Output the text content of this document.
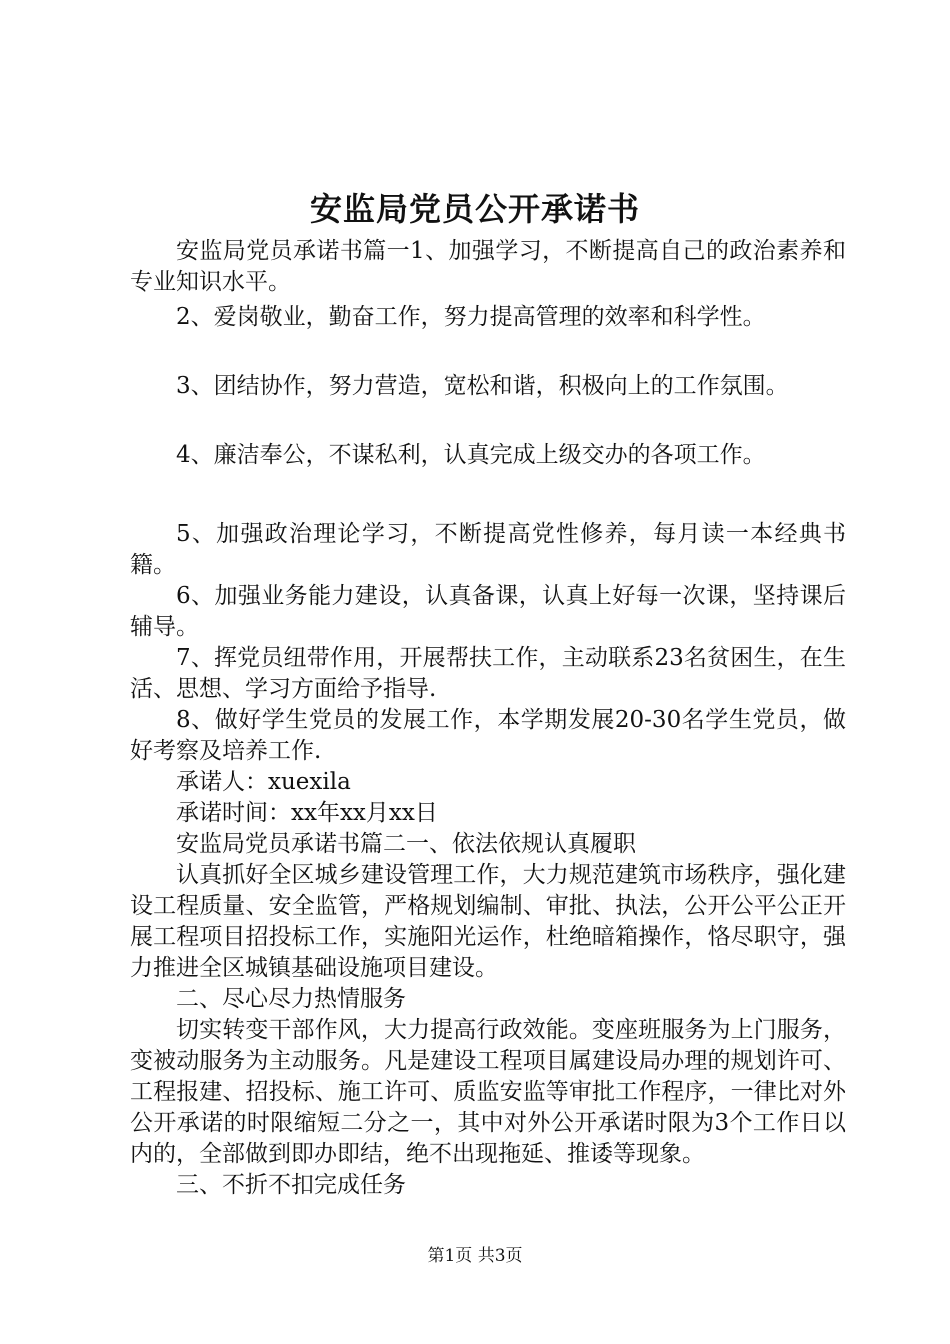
安监局党员公开承诺书

安监局党员承诺书篇一1、加强学习，不断提高自己的政治素养和专业知识水平。

2、爱岗敬业，勤奋工作，努力提高管理的效率和科学性。

3、团结协作，努力营造，宽松和谐，积极向上的工作氛围。

4、廉洁奉公，不谋私利，认真完成上级交办的各项工作。

5、加强政治理论学习，不断提高党性修养，每月读一本经典书籍。

6、加强业务能力建设，认真备课，认真上好每一次课，坚持课后辅导。

7、挥党员纽带作用，开展帮扶工作，主动联系23名贫困生，在生活、思想、学习方面给予指导.

8、做好学生党员的发展工作，本学期发展20-30名学生党员，做好考察及培养工作.

承诺人：xuexila

承诺时间：xx年xx月xx日

安监局党员承诺书篇二一、依法依规认真履职

认真抓好全区城乡建设管理工作，大力规范建筑市场秩序，强化建设工程质量、安全监管，严格规划编制、审批、执法，公开公平公正开展工程项目招投标工作，实施阳光运作，杜绝暗箱操作，恪尽职守，强力推进全区城镇基础设施项目建设。

二、尽心尽力热情服务

切实转变干部作风，大力提高行政效能。变座班服务为上门服务，变被动服务为主动服务。凡是建设工程项目属建设局办理的规划许可、工程报建、招投标、施工许可、质监安监等审批工作程序，一律比对外公开承诺的时限缩短二分之一，其中对外公开承诺时限为3个工作日以内的，全部做到即办即结，绝不出现拖延、推诿等现象。

三、不折不扣完成任务

第1页 共3页
